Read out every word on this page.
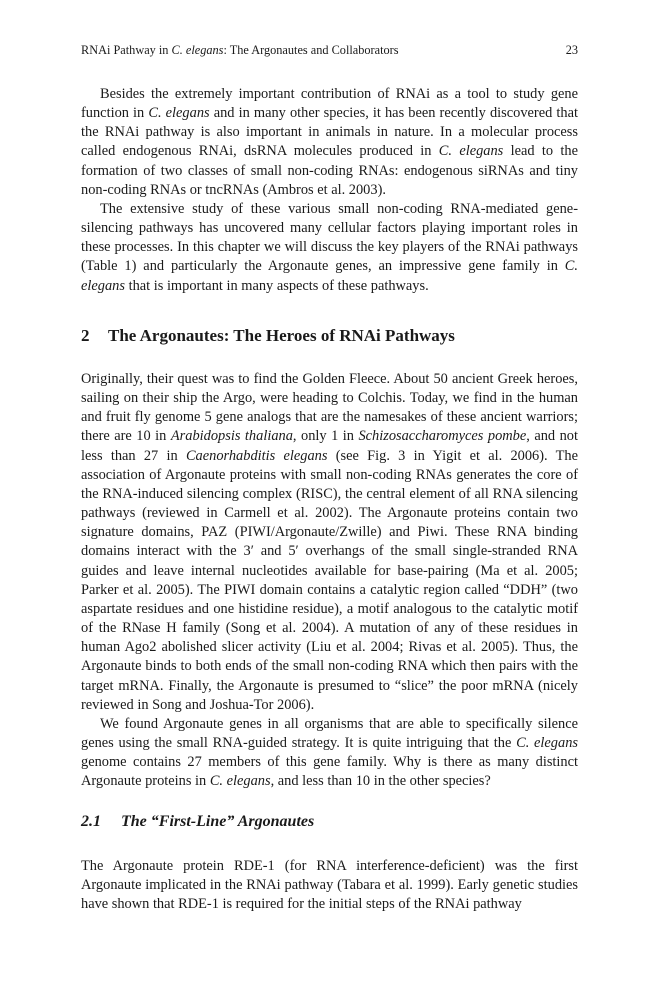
RNAi Pathway in C. elegans: The Argonautes and Collaborators	23

Besides the extremely important contribution of RNAi as a tool to study gene function in C. elegans and in many other species, it has been recently discovered that the RNAi pathway is also important in animals in nature. In a molecular process called endogenous RNAi, dsRNA molecules produced in C. elegans lead to the formation of two classes of small non-coding RNAs: endogenous siRNAs and tiny non-coding RNAs or tncRNAs (Ambros et al. 2003).

The extensive study of these various small non-coding RNA-mediated gene-silencing pathways has uncovered many cellular factors playing important roles in these processes. In this chapter we will discuss the key players of the RNAi pathways (Table 1) and particularly the Argonaute genes, an impressive gene family in C. elegans that is important in many aspects of these pathways.

2 The Argonautes: The Heroes of RNAi Pathways

Originally, their quest was to find the Golden Fleece. About 50 ancient Greek heroes, sailing on their ship the Argo, were heading to Colchis. Today, we find in the human and fruit fly genome 5 gene analogs that are the namesakes of these ancient warriors; there are 10 in Arabidopsis thaliana, only 1 in Schizosaccharomyces pombe, and not less than 27 in Caenorhabditis elegans (see Fig. 3 in Yigit et al. 2006). The association of Argonaute proteins with small non-coding RNAs generates the core of the RNA-induced silencing complex (RISC), the central element of all RNA silencing pathways (reviewed in Carmell et al. 2002). The Argonaute proteins contain two signature domains, PAZ (PIWI/Argonaute/Zwille) and Piwi. These RNA binding domains interact with the 3′ and 5′ overhangs of the small single-stranded RNA guides and leave internal nucleotides available for base-pairing (Ma et al. 2005; Parker et al. 2005). The PIWI domain contains a catalytic region called “DDH” (two aspartate residues and one histidine residue), a motif analogous to the catalytic motif of the RNase H family (Song et al. 2004). A mutation of any of these residues in human Ago2 abolished slicer activity (Liu et al. 2004; Rivas et al. 2005). Thus, the Argonaute binds to both ends of the small non-coding RNA which then pairs with the target mRNA. Finally, the Argonaute is presumed to “slice” the poor mRNA (nicely reviewed in Song and Joshua-Tor 2006).

We found Argonaute genes in all organisms that are able to specifically silence genes using the small RNA-guided strategy. It is quite intriguing that the C. elegans genome contains 27 members of this gene family. Why is there as many distinct Argonaute proteins in C. elegans, and less than 10 in the other species?

2.1 The “First-Line” Argonautes

The Argonaute protein RDE-1 (for RNA interference-deficient) was the first Argonaute implicated in the RNAi pathway (Tabara et al. 1999). Early genetic studies have shown that RDE-1 is required for the initial steps of the RNAi pathway
